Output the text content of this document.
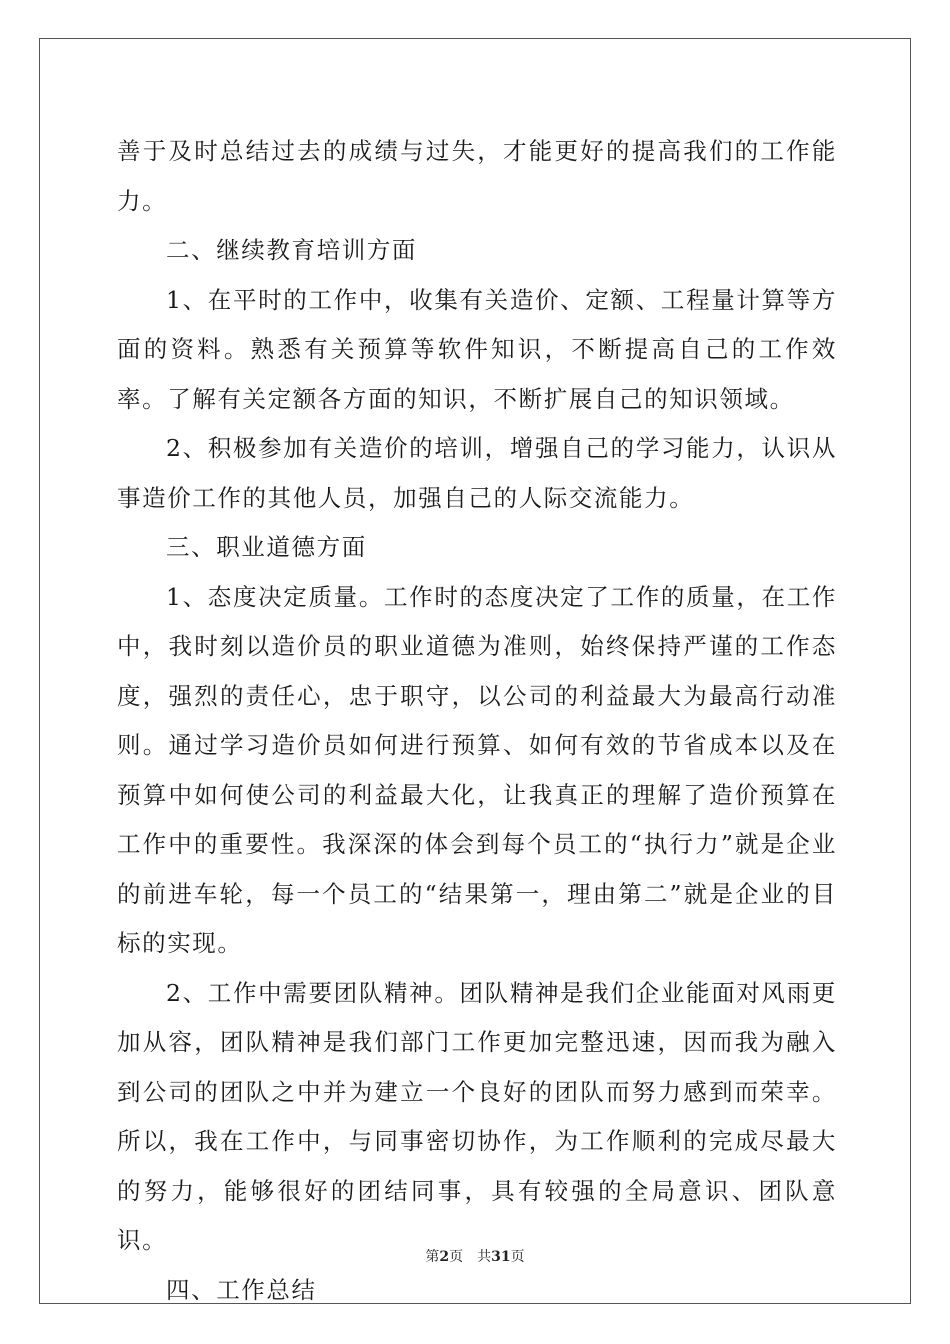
善于及时总结过去的成绩与过失，才能更好的提高我们的工作能力。

二、继续教育培训方面

1、在平时的工作中，收集有关造价、定额、工程量计算等方面的资料。熟悉有关预算等软件知识，不断提高自己的工作效率。了解有关定额各方面的知识，不断扩展自己的知识领域。

2、积极参加有关造价的培训，增强自己的学习能力，认识从事造价工作的其他人员，加强自己的人际交流能力。

三、职业道德方面

1、态度决定质量。工作时的态度决定了工作的质量，在工作中，我时刻以造价员的职业道德为准则，始终保持严谨的工作态度，强烈的责任心，忠于职守，以公司的利益最大为最高行动准则。通过学习造价员如何进行预算、如何有效的节省成本以及在预算中如何使公司的利益最大化，让我真正的理解了造价预算在工作中的重要性。我深深的体会到每个员工的“执行力”就是企业的前进车轮，每一个员工的“结果第一，理由第二”就是企业的目标的实现。

2、工作中需要团队精神。团队精神是我们企业能面对风雨更加从容，团队精神是我们部门工作更加完整迅速，因而我为融入到公司的团队之中并为建立一个良好的团队而努力感到而荣幸。所以，我在工作中，与同事密切协作，为工作顺利的完成尽最大的努力，能够很好的团结同事，具有较强的全局意识、团队意识。

四、工作总结

第2页 共31页
